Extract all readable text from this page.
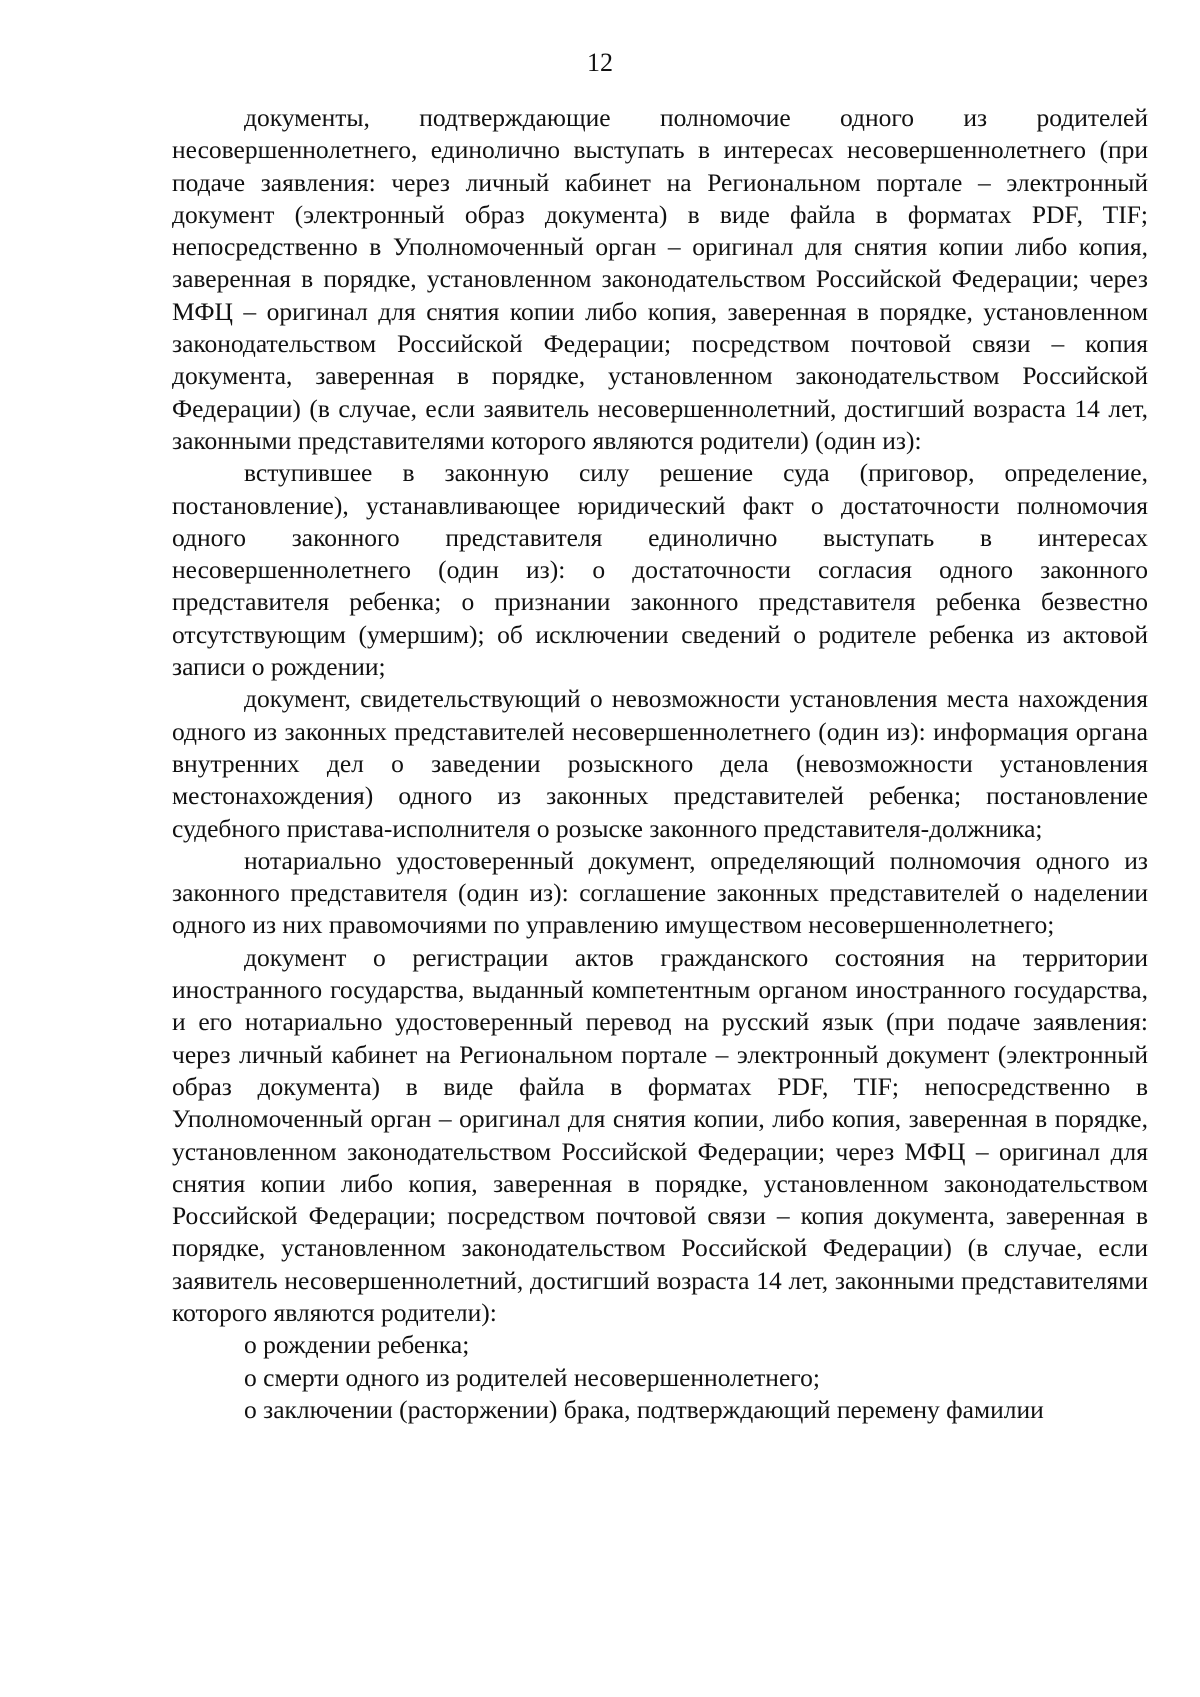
12

документы, подтверждающие полномочие одного из родителей несовершеннолетнего, единолично выступать в интересах несовершеннолетнего (при подаче заявления: через личный кабинет на Региональном портале – электронный документ (электронный образ документа) в виде файла в форматах PDF, TIF; непосредственно в Уполномоченный орган – оригинал для снятия копии либо копия, заверенная в порядке, установленном законодательством Российской Федерации; через МФЦ – оригинал для снятия копии либо копия, заверенная в порядке, установленном законодательством Российской Федерации; посредством почтовой связи – копия документа, заверенная в порядке, установленном законодательством Российской Федерации) (в случае, если заявитель несовершеннолетний, достигший возраста 14 лет, законными представителями которого являются родители) (один из):

вступившее в законную силу решение суда (приговор, определение, постановление), устанавливающее юридический факт о достаточности полномочия одного законного представителя единолично выступать в интересах несовершеннолетнего (один из): о достаточности согласия одного законного представителя ребенка; о признании законного представителя ребенка безвестно отсутствующим (умершим); об исключении сведений о родителе ребенка из актовой записи о рождении;

документ, свидетельствующий о невозможности установления места нахождения одного из законных представителей несовершеннолетнего (один из): информация органа внутренних дел о заведении розыскного дела (невозможности установления местонахождения) одного из законных представителей ребенка; постановление судебного пристава-исполнителя о розыске законного представителя-должника;

нотариально удостоверенный документ, определяющий полномочия одного из законного представителя (один из): соглашение законных представителей о наделении одного из них правомочиями по управлению имуществом несовершеннолетнего;

документ о регистрации актов гражданского состояния на территории иностранного государства, выданный компетентным органом иностранного государства, и его нотариально удостоверенный перевод на русский язык (при подаче заявления: через личный кабинет на Региональном портале – электронный документ (электронный образ документа) в виде файла в форматах PDF, TIF; непосредственно в Уполномоченный орган – оригинал для снятия копии, либо копия, заверенная в порядке, установленном законодательством Российской Федерации; через МФЦ – оригинал для снятия копии либо копия, заверенная в порядке, установленном законодательством Российской Федерации; посредством почтовой связи – копия документа, заверенная в порядке, установленном законодательством Российской Федерации) (в случае, если заявитель несовершеннолетний, достигший возраста 14 лет, законными представителями которого являются родители):

о рождении ребенка;

о смерти одного из родителей несовершеннолетнего;

о заключении (расторжении) брака, подтверждающий перемену фамилии
